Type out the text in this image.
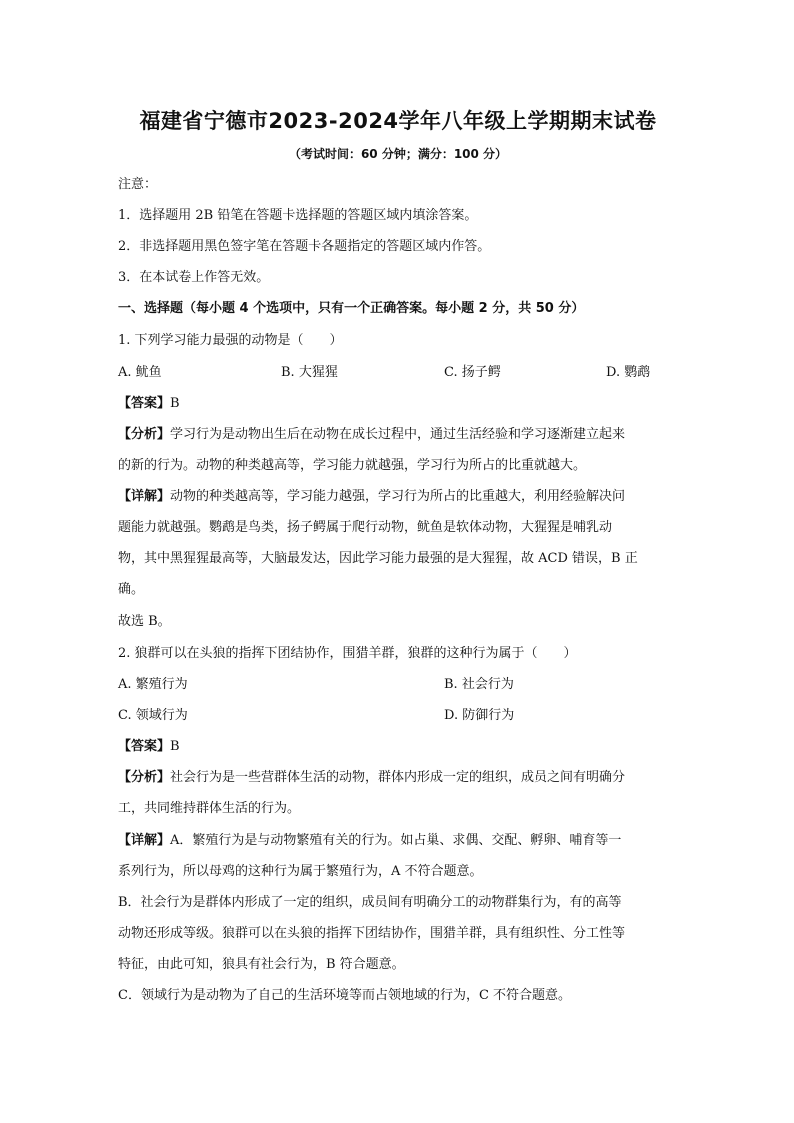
福建省宁德市2023-2024学年八年级上学期期末试卷
（考试时间：60 分钟；满分：100 分）
注意：
1．选择题用 2B 铅笔在答题卡选择题的答题区域内填涂答案。
2．非选择题用黑色签字笔在答题卡各题指定的答题区域内作答。
3．在本试卷上作答无效。
一、选择题（每小题 4 个选项中，只有一个正确答案。每小题 2 分，共 50 分）
1. 下列学习能力最强的动物是（　　）
A. 鱿鱼	B. 大猩猩	C. 扬子鳄	D. 鹦鹉
【答案】B
【分析】学习行为是动物出生后在动物在成长过程中，通过生活经验和学习逐渐建立起来
的新的行为。动物的种类越高等，学习能力就越强，学习行为所占的比重就越大。
【详解】动物的种类越高等，学习能力越强，学习行为所占的比重越大，利用经验解决问
题能力就越强。鹦鹉是鸟类，扬子鳄属于爬行动物，鱿鱼是软体动物，大猩猩是哺乳动
物，其中黑猩猩最高等，大脑最发达，因此学习能力最强的是大猩猩，故 ACD 错误，B 正
确。
故选 B。
2. 狼群可以在头狼的指挥下团结协作，围猎羊群，狼群的这种行为属于（　　）
A. 繁殖行为	B. 社会行为
C. 领域行为	D. 防御行为
【答案】B
【分析】社会行为是一些营群体生活的动物，群体内形成一定的组织，成员之间有明确分
工，共同维持群体生活的行为。
【详解】A．繁殖行为是与动物繁殖有关的行为。如占巢、求偶、交配、孵卵、哺育等一
系列行为，所以母鸡的这种行为属于繁殖行为，A 不符合题意。
B．社会行为是群体内形成了一定的组织，成员间有明确分工的动物群集行为，有的高等
动物还形成等级。狼群可以在头狼的指挥下团结协作，围猎羊群，具有组织性、分工性等
特征，由此可知，狼具有社会行为，B 符合题意。
C．领域行为是动物为了自己的生活环境等而占领地域的行为，C 不符合题意。
